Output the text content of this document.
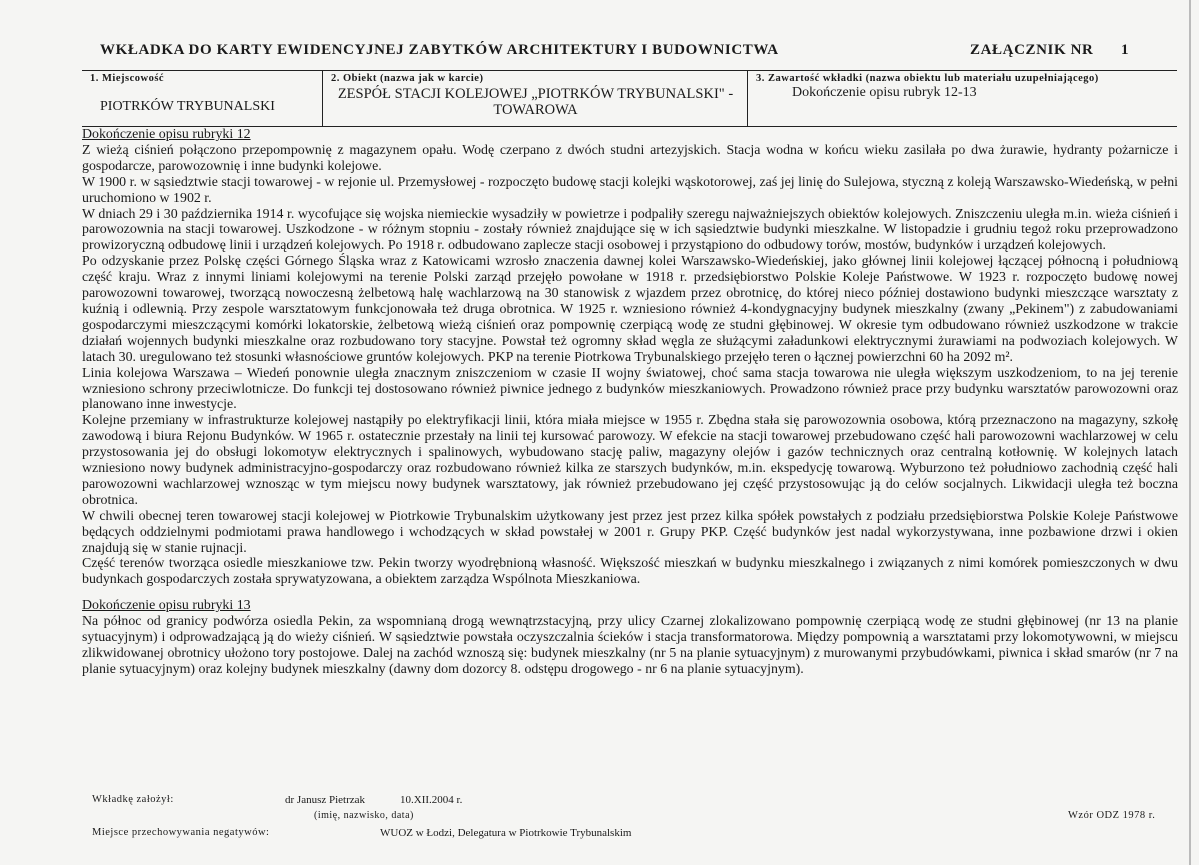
WKŁADKA DO KARTY EWIDENCYJNEJ ZABYTKÓW ARCHITEKTURY I BUDOWNICTWA	ZAŁĄCZNIK NR 1
1. Miejscowość
PIOTRKÓW TRYBUNALSKI
2. Obiekt (nazwa jak w karcie)
ZESPÓŁ STACJI KOLEJOWEJ „PIOTRKÓW TRYBUNALSKI" - TOWAROWA
3. Zawartość wkładki (nazwa obiektu lub materiału uzupełniającego)
Dokończenie opisu rubryk 12-13
Dokończenie opisu rubryki 12

Z wieżą ciśnień połączono przepompownię z magazynem opału. Wodę czerpano z dwóch studni artezyjskich. Stacja wodna w końcu wieku zasilała po dwa żurawie, hydranty pożarnicze i gospodarcze, parowozownię i inne budynki kolejowe.

W 1900 r. w sąsiedztwie stacji towarowej - w rejonie ul. Przemysłowej - rozpoczęto budowę stacji kolejki wąskotorowej, zaś jej linię do Sulejowa, styczną z koleją Warszawsko-Wiedeńską, w pełni uruchomiono w 1902 r.

W dniach 29 i 30 października 1914 r. wycofujące się wojska niemieckie wysadziły w powietrze i podpaliły szeregu najważniejszych obiektów kolejowych. Zniszczeniu uległa m.in. wieża ciśnień i parowozownia na stacji towarowej. Uszkodzone - w różnym stopniu - zostały również znajdujące się w ich sąsiedztwie budynki mieszkalne. W listopadzie i grudniu tegoż roku przeprowadzono prowizoryczną odbudowę linii i urządzeń kolejowych. Po 1918 r. odbudowano zaplecze stacji osobowej i przystąpiono do odbudowy torów, mostów, budynków i urządzeń kolejowych.

Po odzyskanie przez Polskę części Górnego Śląska wraz z Katowicami wzrosło znaczenia dawnej kolei Warszawsko-Wiedeńskiej, jako głównej linii kolejowej łączącej północną i południową część kraju. Wraz z innymi liniami kolejowymi na terenie Polski zarząd przejęło powołane w 1918 r. przedsiębiorstwo Polskie Koleje Państwowe. W 1923 r. rozpoczęto budowę nowej parowozowni towarowej, tworzącą nowoczesną żelbetową halę wachlarzową na 30 stanowisk z wjazdem przez obrotnicę, do której nieco później dostawiono budynki mieszczące warsztaty z kuźnią i odlewnią. Przy zespole warsztatowym funkcjonowała też druga obrotnica. W 1925 r. wzniesiono również 4-kondygnacyjny budynek mieszkalny (zwany „Pekinem") z zabudowaniami gospodarczymi mieszczącymi komórki lokatorskie, żelbetową wieżą ciśnień oraz pompownię czerpiącą wodę ze studni głębinowej. W okresie tym odbudowano również uszkodzone w trakcie działań wojennych budynki mieszkalne oraz rozbudowano tory stacyjne. Powstał też ogromny skład węgla ze służącymi załadunkowi elektrycznymi żurawiami na podwoziach kolejowych. W latach 30. uregulowano też stosunki własnościowe gruntów kolejowych. PKP na terenie Piotrkowa Trybunalskiego przejęło teren o łącznej powierzchni 60 ha 2092 m².

Linia kolejowa Warszawa – Wiedeń ponownie uległa znacznym zniszczeniom w czasie II wojny światowej, choć sama stacja towarowa nie uległa większym uszkodzeniom, to na jej terenie wzniesiono schrony przeciwlotnicze. Do funkcji tej dostosowano również piwnice jednego z budynków mieszkaniowych. Prowadzono również prace przy budynku warsztatów parowozowni oraz planowano inne inwestycje.

Kolejne przemiany w infrastrukturze kolejowej nastąpiły po elektryfikacji linii, która miała miejsce w 1955 r. Zbędna stała się parowozownia osobowa, którą przeznaczono na magazyny, szkołę zawodową i biura Rejonu Budynków. W 1965 r. ostatecznie przestały na linii tej kursować parowozy. W efekcie na stacji towarowej przebudowano część hali parowozowni wachlarzowej w celu przystosowania jej do obsługi lokomotyw elektrycznych i spalinowych, wybudowano stację paliw, magazyny olejów i gazów technicznych oraz centralną kotłownię. W kolejnych latach wzniesiono nowy budynek administracyjno-gospodarczy oraz rozbudowano również kilka ze starszych budynków, m.in. ekspedycję towarową. Wyburzono też południowo zachodnią część hali parowozowni wachlarzowej wznosząc w tym miejscu nowy budynek warsztatowy, jak również przebudowano jej część przystosowując ją do celów socjalnych. Likwidacji uległa też boczna obrotnica.

W chwili obecnej teren towarowej stacji kolejowej w Piotrkowie Trybunalskim użytkowany jest przez jest przez kilka spółek powstałych z podziału przedsiębiorstwa Polskie Koleje Państwowe będących oddzielnymi podmiotami prawa handlowego i wchodzących w skład powstałej w 2001 r. Grupy PKP. Część budynków jest nadal wykorzystywana, inne pozbawione drzwi i okien znajdują się w stanie rujnacji.

Część terenów tworząca osiedle mieszkaniowe tzw. Pekin tworzy wyodrębnioną własność. Większość mieszkań w budynku mieszkalnego i związanych z nimi komórek pomieszczonych w dwu budynkach gospodarczych została sprywatyzowana, a obiektem zarządza Wspólnota Mieszkaniowa.

Dokończenie opisu rubryki 13

Na północ od granicy podwórza osiedla Pekin, za wspomnianą drogą wewnątrzstacyjną, przy ulicy Czarnej zlokalizowano pompownię czerpiącą wodę ze studni głębinowej (nr 13 na planie sytuacyjnym) i odprowadzającą ją do wieży ciśnień. W sąsiedztwie powstała oczyszczalnia ścieków i stacja transformatorowa. Między pompownią a warsztatami przy lokomotywowni, w miejscu zlikwidowanej obrotnicy ułożono tory postojowe. Dalej na zachód wznoszą się: budynek mieszkalny (nr 5 na planie sytuacyjnym) z murowanymi przybudówkami, piwnica i skład smarów (nr 7 na planie sytuacyjnym) oraz kolejny budynek mieszkalny (dawny dom dozorcy 8. odstępu drogowego - nr 6 na planie sytuacyjnym).

Wkładkę założył:	dr Janusz Pietrzak	10.XII.2004 r.
(imię, nazwisko, data)	Wzór ODZ 1978 r.
Miejsce przechowywania negatywów:	WUOZ w Łodzi, Delegatura w Piotrkowie Trybunalskim
